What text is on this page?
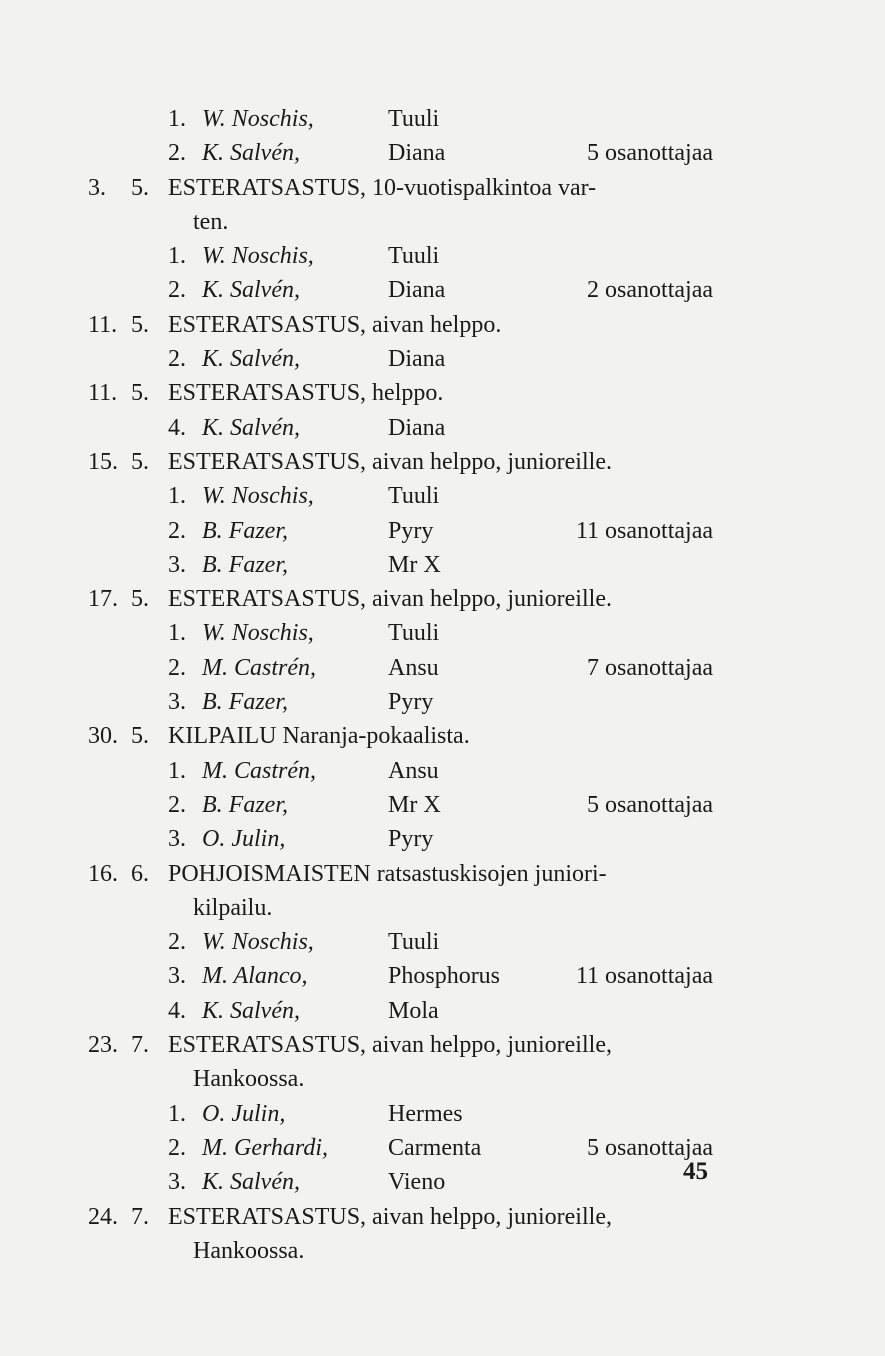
1. W. Noschis,	Tuuli
2. K. Salvén,	Diana	5 osanottajaa
3. 5. ESTERATSASTUS, 10-vuotispalkintoa var-
ten.
1. W. Noschis,	Tuuli
2. K. Salvén,	Diana	2 osanottajaa
11. 5. ESTERATSASTUS, aivan helppo.
2. K. Salvén,	Diana
11. 5. ESTERATSASTUS, helppo.
4. K. Salvén,	Diana
15. 5. ESTERATSASTUS, aivan helppo, junioreille.
1. W. Noschis,	Tuuli
2. B. Fazer,	Pyry	11 osanottajaa
3. B. Fazer,	Mr X
17. 5. ESTERATSASTUS, aivan helppo, junioreille.
1. W. Noschis,	Tuuli
2. M. Castrén,	Ansu	7 osanottajaa
3. B. Fazer,	Pyry
30. 5. KILPAILU Naranja-pokaalista.
1. M. Castrén,	Ansu
2. B. Fazer,	Mr X	5 osanottajaa
3. O. Julin,	Pyry
16. 6. POHJOISMAISTEN ratsastuskisojen juniori-
kilpailu.
2. W. Noschis,	Tuuli
3. M. Alanco,	Phosphorus	11 osanottajaa
4. K. Salvén,	Mola
23. 7. ESTERATSASTUS, aivan helppo, junioreille,
Hankoossa.
1. O. Julin,	Hermes
2. M. Gerhardi,	Carmenta	5 osanottajaa
3. K. Salvén,	Vieno
24. 7. ESTERATSASTUS, aivan helppo, junioreille,
Hankoossa.
45
